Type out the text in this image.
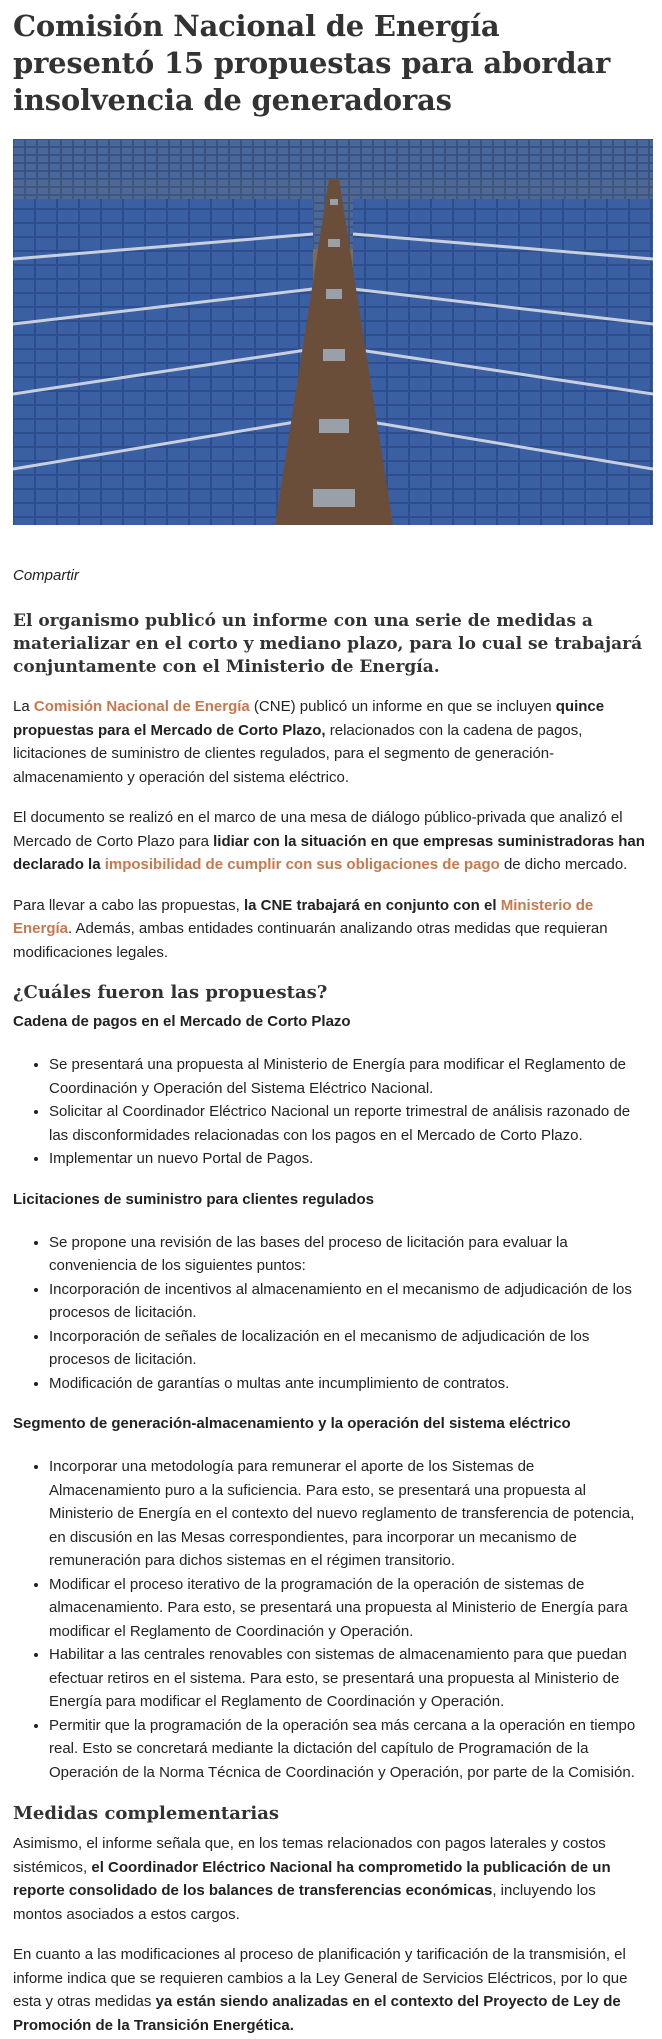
Comisión Nacional de Energía presentó 15 propuestas para abordar insolvencia de generadoras
Compartir
El organismo publicó un informe con una serie de medidas a materializar en el corto y mediano plazo, para lo cual se trabajará conjuntamente con el Ministerio de Energía.

La Comisión Nacional de Energía (CNE) publicó un informe en que se incluyen quince propuestas para el Mercado de Corto Plazo, relacionados con la cadena de pagos, licitaciones de suministro de clientes regulados, para el segmento de generación-almacenamiento y operación del sistema eléctrico.

El documento se realizó en el marco de una mesa de diálogo público-privada que analizó el Mercado de Corto Plazo para lidiar con la situación en que empresas suministradoras han declarado la imposibilidad de cumplir con sus obligaciones de pago de dicho mercado.

Para llevar a cabo las propuestas, la CNE trabajará en conjunto con el Ministerio de Energía. Además, ambas entidades continuarán analizando otras medidas que requieran modificaciones legales.

¿Cuáles fueron las propuestas?
Cadena de pagos en el Mercado de Corto Plazo
• Se presentará una propuesta al Ministerio de Energía para modificar el Reglamento de Coordinación y Operación del Sistema Eléctrico Nacional.
• Solicitar al Coordinador Eléctrico Nacional un reporte trimestral de análisis razonado de las disconformidades relacionadas con los pagos en el Mercado de Corto Plazo.
• Implementar un nuevo Portal de Pagos.
Licitaciones de suministro para clientes regulados
• Se propone una revisión de las bases del proceso de licitación para evaluar la conveniencia de los siguientes puntos:
• Incorporación de incentivos al almacenamiento en el mecanismo de adjudicación de los procesos de licitación.
• Incorporación de señales de localización en el mecanismo de adjudicación de los procesos de licitación.
• Modificación de garantías o multas ante incumplimiento de contratos.
Segmento de generación-almacenamiento y la operación del sistema eléctrico
• Incorporar una metodología para remunerar el aporte de los Sistemas de Almacenamiento puro a la suficiencia. Para esto, se presentará una propuesta al Ministerio de Energía en el contexto del nuevo reglamento de transferencia de potencia, en discusión en las Mesas correspondientes, para incorporar un mecanismo de remuneración para dichos sistemas en el régimen transitorio.
• Modificar el proceso iterativo de la programación de la operación de sistemas de almacenamiento. Para esto, se presentará una propuesta al Ministerio de Energía para modificar el Reglamento de Coordinación y Operación.
• Habilitar a las centrales renovables con sistemas de almacenamiento para que puedan efectuar retiros en el sistema. Para esto, se presentará una propuesta al Ministerio de Energía para modificar el Reglamento de Coordinación y Operación.
• Permitir que la programación de la operación sea más cercana a la operación en tiempo real. Esto se concretará mediante la dictación del capítulo de Programación de la Operación de la Norma Técnica de Coordinación y Operación, por parte de la Comisión.
Medidas complementarias

Asimismo, el informe señala que, en los temas relacionados con pagos laterales y costos sistémicos, el Coordinador Eléctrico Nacional ha comprometido la publicación de un reporte consolidado de los balances de transferencias económicas, incluyendo los montos asociados a estos cargos.

En cuanto a las modificaciones al proceso de planificación y tarificación de la transmisión, el informe indica que se requieren cambios a la Ley General de Servicios Eléctricos, por lo que esta y otras medidas ya están siendo analizadas en el contexto del Proyecto de Ley de Promoción de la Transición Energética.
